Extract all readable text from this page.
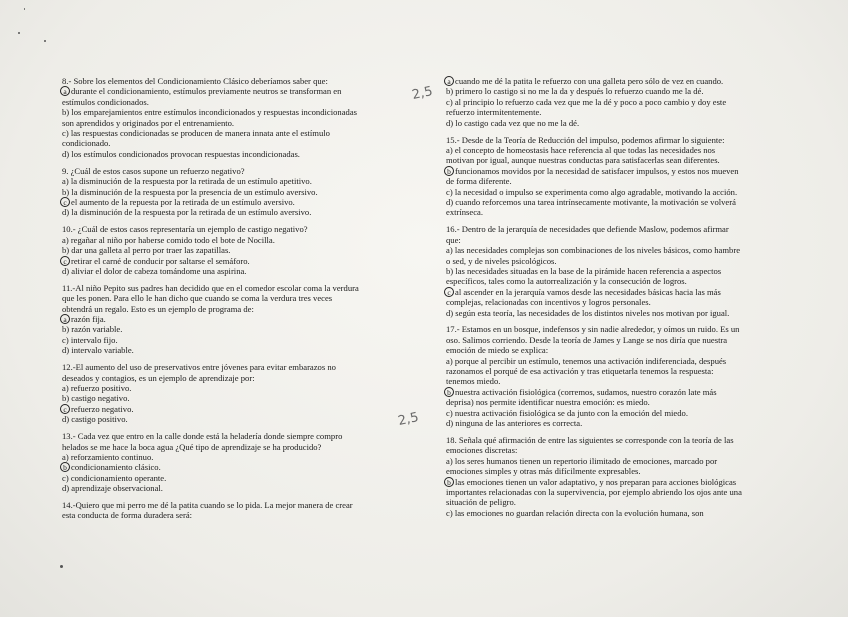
8.- Sobre los elementos del Condicionamiento Clásico deberíamos saber que:
a durante el condicionamiento, estímulos previamente neutros se transforman en
estímulos condicionados.
b) los emparejamientos entre estímulos incondicionados y respuestas incondicionadas
son aprendidos y originados por el entrenamiento.
c) las respuestas condicionadas se producen de manera innata ante el estímulo
condicionado.
d) los estímulos condicionados provocan respuestas incondicionadas.
9. ¿Cuál de estos casos supone un refuerzo negativo?
a) la disminución de la respuesta por la retirada de un estímulo apetitivo.
b) la disminución de la respuesta por la presencia de un estímulo aversivo.
c el aumento de la repuesta por la retirada de un estímulo aversivo.
d) la disminución de la respuesta por la retirada de un estímulo aversivo.
10.- ¿Cuál de estos casos representaría un ejemplo de castigo negativo?
a) regañar al niño por haberse comido todo el bote de Nocilla.
b) dar una galleta al perro por traer las zapatillas.
c retirar el carné de conducir por saltarse el semáforo.
d) aliviar el dolor de cabeza tomándome una aspirina.
11.-Al niño Pepito sus padres han decidido que en el comedor escolar coma la verdura
que les ponen. Para ello le han dicho que cuando se coma la verdura tres veces
obtendrá un regalo. Esto es un ejemplo de programa de:
a razón fija.
b) razón variable.
c) intervalo fijo.
d) intervalo variable.
12.-El aumento del uso de preservativos entre jóvenes para evitar embarazos no
deseados y contagios, es un ejemplo de aprendizaje por:
a) refuerzo positivo.
b) castigo negativo.
c refuerzo negativo.
d) castigo positivo.
13.- Cada vez que entro en la calle donde está la heladería donde siempre compro
helados se me hace la boca agua ¿Qué tipo de aprendizaje se ha producido?
a) reforzamiento continuo.
b condicionamiento clásico.
c) condicionamiento operante.
d) aprendizaje observacional.
14.-Quiero que mi perro me dé la patita cuando se lo pida. La mejor manera de crear
esta conducta de forma duradera será:
a cuando me dé la patita le refuerzo con una galleta pero sólo de vez en cuando.
b) primero lo castigo si no me la da y después lo refuerzo cuando me la dé.
c) al principio lo refuerzo cada vez que me la dé y poco a poco cambio y doy este
refuerzo intermitentemente.
d) lo castigo cada vez que no me la dé.
15.- Desde de la Teoría de Reducción del impulso, podemos afirmar lo siguiente:
a) el concepto de homeostasis hace referencia al que todas las necesidades nos
motivan por igual, aunque nuestras conductas para satisfacerlas sean diferentes.
b funcionamos movidos por la necesidad de satisfacer impulsos, y estos nos mueven
de forma diferente.
c) la necesidad o impulso se experimenta como algo agradable, motivando la acción.
d) cuando reforcemos una tarea intrínsecamente motivante, la motivación se volverá
extrínseca.
16.- Dentro de la jerarquía de necesidades que defiende Maslow, podemos afirmar
que:
a) las necesidades complejas son combinaciones de los niveles básicos, como hambre
o sed, y de niveles psicológicos.
b) las necesidades situadas en la base de la pirámide hacen referencia a aspectos
específicos, tales como la autorrealización y la consecución de logros.
c al ascender en la jerarquía vamos desde las necesidades básicas hacia las más
complejas, relacionadas con incentivos y logros personales.
d) según esta teoría, las necesidades de los distintos niveles nos motivan por igual.
17.- Estamos en un bosque, indefensos y sin nadie alrededor, y oímos un ruido. Es un
oso. Salimos corriendo. Desde la teoría de James y Lange se nos diría que nuestra
emoción de miedo se explica:
a) porque al percibir un estímulo, tenemos una activación indiferenciada, después
razonamos el porqué de esa activación y tras etiquetarla tenemos la respuesta:
tenemos miedo.
b nuestra activación fisiológica (corremos, sudamos, nuestro corazón late más
deprisa) nos permite identificar nuestra emoción: es miedo.
c) nuestra activación fisiológica se da junto con la emoción del miedo.
d) ninguna de las anteriores es correcta.
18. Señala qué afirmación de entre las siguientes se corresponde con la teoría de las
emociones discretas:
a) los seres humanos tienen un repertorio ilimitado de emociones, marcado por
emociones simples y otras más difícilmente expresables.
b las emociones tienen un valor adaptativo, y nos preparan para acciones biológicas
importantes relacionadas con la supervivencia, por ejemplo abriendo los ojos ante una
situación de peligro.
c) las emociones no guardan relación directa con la evolución humana, son
2,5
2,5
